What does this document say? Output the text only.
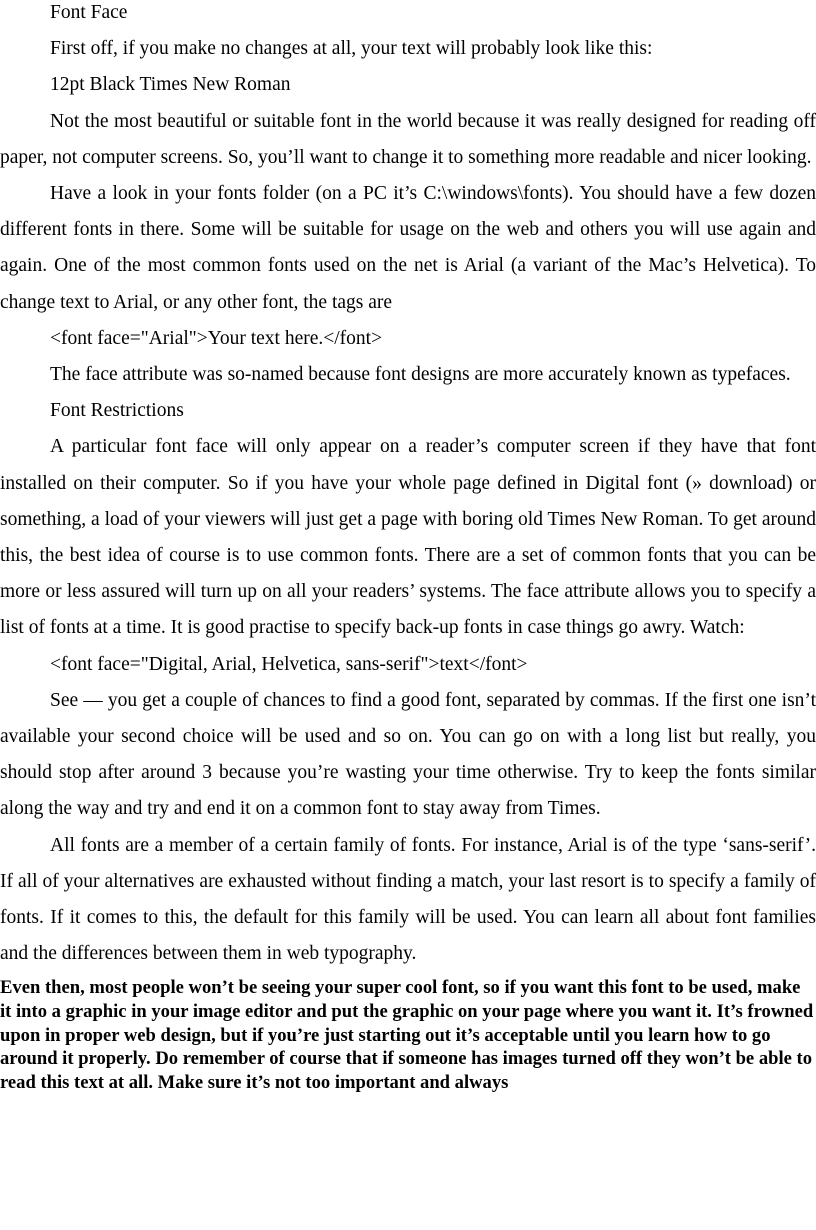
Font Face

First off, if you make no changes at all, your text will probably look like this:

12pt Black Times New Roman

Not the most beautiful or suitable font in the world because it was really designed for reading off paper, not computer screens. So, you’ll want to change it to something more readable and nicer looking.

Have a look in your fonts folder (on a PC it’s C:\windows\fonts). You should have a few dozen different fonts in there. Some will be suitable for usage on the web and others you will use again and again. One of the most common fonts used on the net is Arial (a variant of the Mac’s Helvetica). To change text to Arial, or any other font, the tags are

<font face="Arial">Your text here.</font>

The face attribute was so-named because font designs are more accurately known as typefaces.

Font Restrictions

A particular font face will only appear on a reader’s computer screen if they have that font installed on their computer. So if you have your whole page defined in Digital font (» download) or something, a load of your viewers will just get a page with boring old Times New Roman. To get around this, the best idea of course is to use common fonts. There are a set of common fonts that you can be more or less assured will turn up on all your readers’ systems. The face attribute allows you to specify a list of fonts at a time. It is good practise to specify back-up fonts in case things go awry. Watch:

<font face="Digital, Arial, Helvetica, sans-serif">text</font>

See — you get a couple of chances to find a good font, separated by commas. If the first one isn’t available your second choice will be used and so on. You can go on with a long list but really, you should stop after around 3 because you’re wasting your time otherwise. Try to keep the fonts similar along the way and try and end it on a common font to stay away from Times.

All fonts are a member of a certain family of fonts. For instance, Arial is of the type ‘sans-serif’. If all of your alternatives are exhausted without finding a match, your last resort is to specify a family of fonts. If it comes to this, the default for this family will be used. You can learn all about font families and the differences between them in web typography.

Even then, most people won’t be seeing your super cool font, so if you want this font to be used, make it into a graphic in your image editor and put the graphic on your page where you want it. It’s frowned upon in proper web design, but if you’re just starting out it’s acceptable until you learn how to go around it properly. Do remember of course that if someone has images turned off they won’t be able to read this text at all. Make sure it’s not too important and always
